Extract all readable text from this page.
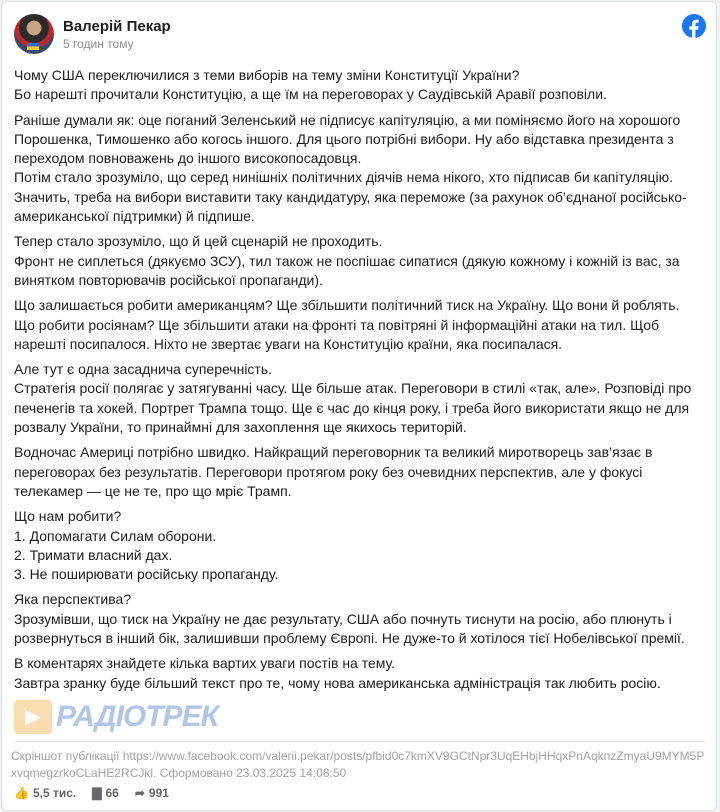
Валерій Пекар
5 годин тому

Чому США переключилися з теми виборів на тему зміни Конституції України?
Бо нарешті прочитали Конституцію, а ще їм на переговорах у Саудівській Аравії розповіли.

Раніше думали як: оце поганий Зеленський не підписує капітуляцію, а ми поміняємо його на хорошого Порошенка, Тимошенко або когось іншого. Для цього потрібні вибори. Ну або відставка президента з переходом повноважень до іншого високопосадовця.
Потім стало зрозуміло, що серед нинішніх політичних діячів нема нікого, хто підписав би капітуляцію. Значить, треба на вибори виставити таку кандидатуру, яка переможе (за рахунок об’єднаної російсько-американської підтримки) й підпише.

Тепер стало зрозуміло, що й цей сценарій не проходить.
Фронт не сиплеться (дякуємо ЗСУ), тил також не поспішає сипатися (дякую кожному і кожній із вас, за винятком повторювачів російської пропаганди).

Що залишається робити американцям? Ще збільшити політичний тиск на Україну. Що вони й роблять. Що робити росіянам? Ще збільшити атаки на фронті та повітряні й інформаційні атаки на тил. Щоб нарешті посипалося. Ніхто не звертає уваги на Конституцію країни, яка посипалася.

Але тут є одна засаднича суперечність.
Стратегія росії полягає у затягуванні часу. Ще більше атак. Переговори в стилі «так, але». Розповіді про печенегів та хокей. Портрет Трампа тощо. Ще є час до кінця року, і треба його використати якщо не для розвалу України, то принаймні для захоплення ще якихось територій.

Водночас Америці потрібно швидко. Найкращий переговорник та великий миротворець зав’язає в переговорах без результатів. Переговори протягом року без очевидних перспектив, але у фокусі телекамер — це не те, про що мріє Трамп.

Що нам робити?
1. Допомагати Силам оборони.
2. Тримати власний дах.
3. Не поширювати російську пропаганду.

Яка перспектива?
Зрозумівши, що тиск на Україну не дає результату, США або почнуть тиснути на росію, або плюнуть і розвернуться в інший бік, залишивши проблему Європі. Не дуже-то й хотілося тієї Нобелівської премії.

В коментарях знайдете кілька вартих уваги постів на тему.
Завтра зранку буде більший текст про те, чому нова американська адміністрація так любить росію.

▶ РАДІОТРЕК
Скріншот публікації https://www.facebook.com/valerii.pekar/posts/pfbid0c7kmXV9GCtNpr3UqEHbjHHqxPnAqknzZmyaU9MYM5Pxvqmegzrko​CLaHE2RCJkl. Сформовано 23.03.2025 14:08:50
👍 5,5 тис. ▇ 66 ➦ 991
